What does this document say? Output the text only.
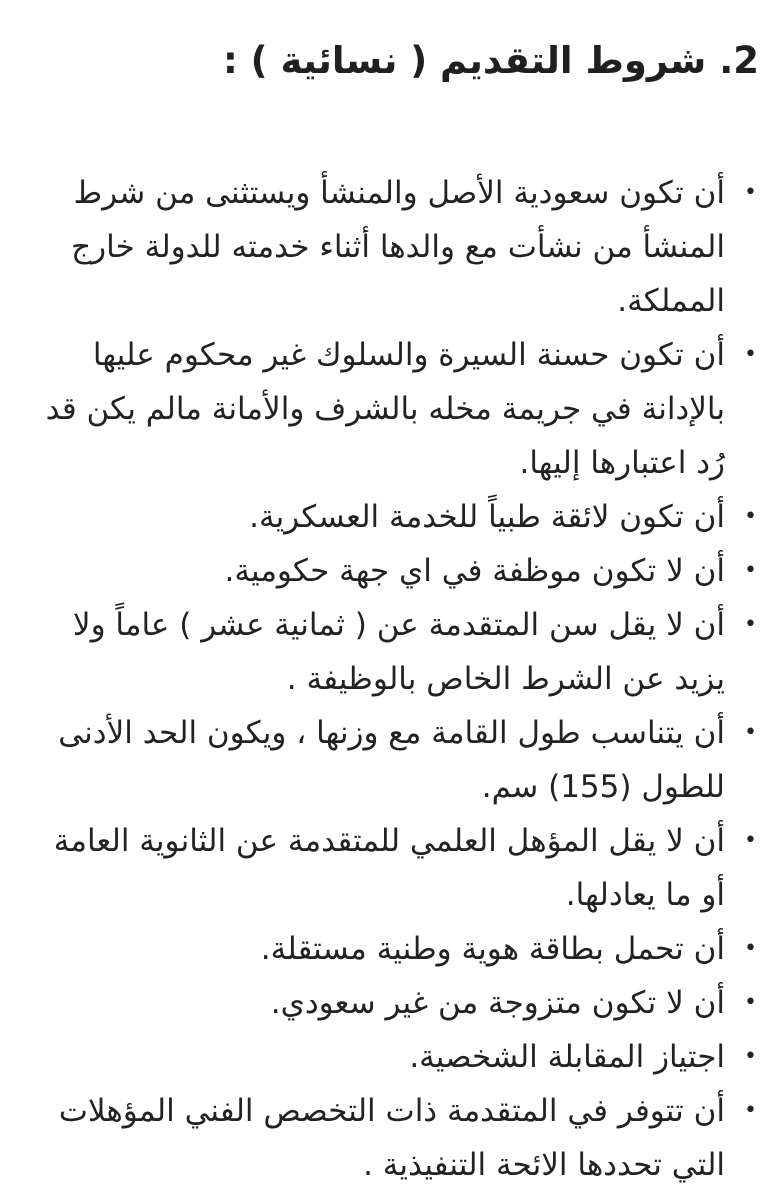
2. شروط التقديم ( نسائية ) :
•
أن تكون سعودية الأصل والمنشأ ويستثنى من شرط المنشأ من نشأت مع والدها أثناء خدمته للدولة خارج المملكة.
•
أن تكون حسنة السيرة والسلوك غير محكوم عليها بالإدانة في جريمة مخله بالشرف والأمانة مالم يكن قد رُد اعتبارها إليها.
•
أن تكون لائقة طبياً للخدمة العسكرية.
•
أن لا تكون موظفة في اي جهة حكومية.
•
أن لا يقل سن المتقدمة عن ( ثمانية عشر ) عاماً ولا يزيد عن الشرط الخاص بالوظيفة .
•
أن يتناسب طول القامة مع وزنها ، ويكون الحد الأدنى للطول (155) سم.
•
أن لا يقل المؤهل العلمي للمتقدمة عن الثانوية العامة أو ما يعادلها.
•
أن تحمل بطاقة هوية وطنية مستقلة.
•
أن لا تكون متزوجة من غير سعودي.
•
اجتياز المقابلة الشخصية.
•
أن تتوفر في المتقدمة ذات التخصص الفني المؤهلات التي تحددها الائحة التنفيذية .
